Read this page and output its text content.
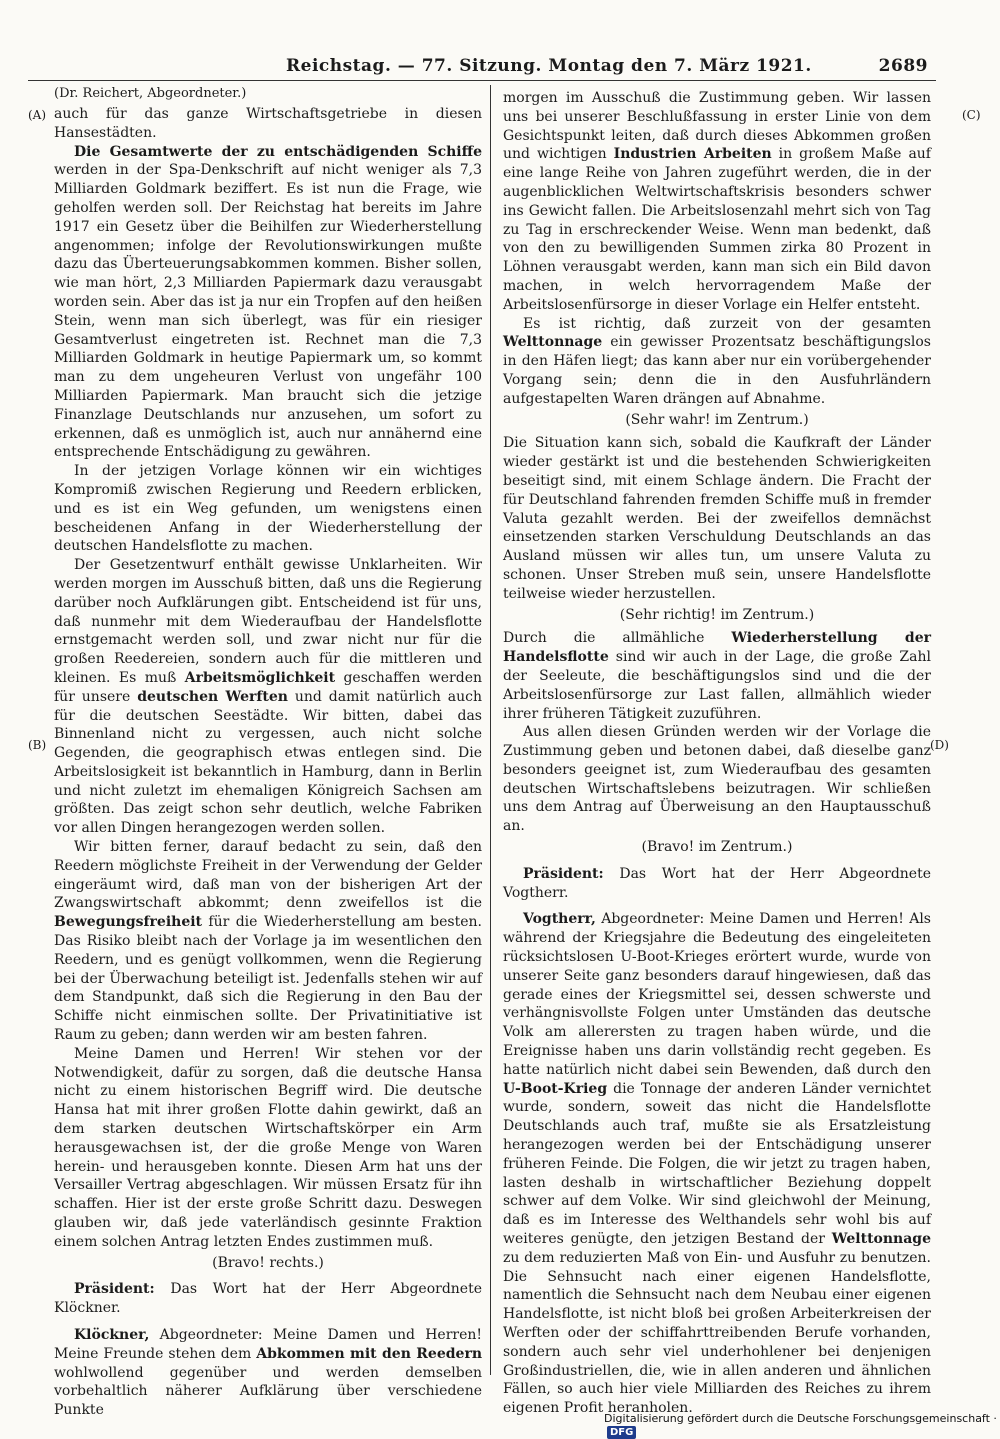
Reichstag. — 77. Sitzung. Montag den 7. März 1921.	2689
(Dr. Reichert, Abgeordneter.)
(A)
(B)
(C)
(D)

auch für das ganze Wirtschaftsgetriebe in diesen Hansestädten.

Die Gesamtwerte der zu entschädigenden Schiffe werden in der Spa-Denkschrift auf nicht weniger als 7,3 Milliarden Goldmark beziffert. Es ist nun die Frage, wie geholfen werden soll. Der Reichstag hat bereits im Jahre 1917 ein Gesetz über die Beihilfen zur Wiederherstellung angenommen; infolge der Revolutionswirkungen mußte dazu das Überteuerungsabkommen kommen. Bisher sollen, wie man hört, 2,3 Milliarden Papiermark dazu verausgabt worden sein. Aber das ist ja nur ein Tropfen auf den heißen Stein, wenn man sich überlegt, was für ein riesiger Gesamtverlust eingetreten ist. Rechnet man die 7,3 Milliarden Goldmark in heutige Papiermark um, so kommt man zu dem ungeheuren Verlust von ungefähr 100 Milliarden Papiermark. Man braucht sich die jetzige Finanzlage Deutschlands nur anzusehen, um sofort zu erkennen, daß es unmöglich ist, auch nur annähernd eine entsprechende Entschädigung zu gewähren.

In der jetzigen Vorlage können wir ein wichtiges Kompromiß zwischen Regierung und Reedern erblicken, und es ist ein Weg gefunden, um wenigstens einen bescheidenen Anfang in der Wiederherstellung der deutschen Handelsflotte zu machen.

Der Gesetzentwurf enthält gewisse Unklarheiten. Wir werden morgen im Ausschuß bitten, daß uns die Regierung darüber noch Aufklärungen gibt. Entscheidend ist für uns, daß nunmehr mit dem Wiederaufbau der Handelsflotte ernstgemacht werden soll, und zwar nicht nur für die großen Reedereien, sondern auch für die mittleren und kleinen. Es muß Arbeitsmöglichkeit geschaffen werden für unsere deutschen Werften und damit natürlich auch für die deutschen Seestädte. Wir bitten, dabei das Binnenland nicht zu vergessen, auch nicht solche Gegenden, die geographisch etwas entlegen sind. Die Arbeitslosigkeit ist bekanntlich in Hamburg, dann in Berlin und nicht zuletzt im ehemaligen Königreich Sachsen am größten. Das zeigt schon sehr deutlich, welche Fabriken vor allen Dingen herangezogen werden sollen.

Wir bitten ferner, darauf bedacht zu sein, daß den Reedern möglichste Freiheit in der Verwendung der Gelder eingeräumt wird, daß man von der bisherigen Art der Zwangswirtschaft abkommt; denn zweifellos ist die Bewegungsfreiheit für die Wiederherstellung am besten. Das Risiko bleibt nach der Vorlage ja im wesentlichen den Reedern, und es genügt vollkommen, wenn die Regierung bei der Überwachung beteiligt ist. Jedenfalls stehen wir auf dem Standpunkt, daß sich die Regierung in den Bau der Schiffe nicht einmischen sollte. Der Privatinitiative ist Raum zu geben; dann werden wir am besten fahren.

Meine Damen und Herren! Wir stehen vor der Notwendigkeit, dafür zu sorgen, daß die deutsche Hansa nicht zu einem historischen Begriff wird. Die deutsche Hansa hat mit ihrer großen Flotte dahin gewirkt, daß an dem starken deutschen Wirtschaftskörper ein Arm herausgewachsen ist, der die große Menge von Waren herein- und herausgeben konnte. Diesen Arm hat uns der Versailler Vertrag abgeschlagen. Wir müssen Ersatz für ihn schaffen. Hier ist der erste große Schritt dazu. Deswegen glauben wir, daß jede vaterländisch gesinnte Fraktion einem solchen Antrag letzten Endes zustimmen muß.

(Bravo! rechts.)

Präsident: Das Wort hat der Herr Abgeordnete Klöckner.

Klöckner, Abgeordneter: Meine Damen und Herren! Meine Freunde stehen dem Abkommen mit den Reedern wohlwollend gegenüber und werden demselben vorbehaltlich näherer Aufklärung über verschiedene Punkte

morgen im Ausschuß die Zustimmung geben. Wir lassen uns bei unserer Beschlußfassung in erster Linie von dem Gesichtspunkt leiten, daß durch dieses Abkommen großen und wichtigen Industrien Arbeiten in großem Maße auf eine lange Reihe von Jahren zugeführt werden, die in der augenblicklichen Weltwirtschaftskrisis besonders schwer ins Gewicht fallen. Die Arbeitslosenzahl mehrt sich von Tag zu Tag in erschreckender Weise. Wenn man bedenkt, daß von den zu bewilligenden Summen zirka 80 Prozent in Löhnen verausgabt werden, kann man sich ein Bild davon machen, in welch hervorragendem Maße der Arbeitslosenfürsorge in dieser Vorlage ein Helfer entsteht.

Es ist richtig, daß zurzeit von der gesamten Welttonnage ein gewisser Prozentsatz beschäftigungslos in den Häfen liegt; das kann aber nur ein vorübergehender Vorgang sein; denn die in den Ausfuhrländern aufgestapelten Waren drängen auf Abnahme.

(Sehr wahr! im Zentrum.)

Die Situation kann sich, sobald die Kaufkraft der Länder wieder gestärkt ist und die bestehenden Schwierigkeiten beseitigt sind, mit einem Schlage ändern. Die Fracht der für Deutschland fahrenden fremden Schiffe muß in fremder Valuta gezahlt werden. Bei der zweifellos demnächst einsetzenden starken Verschuldung Deutschlands an das Ausland müssen wir alles tun, um unsere Valuta zu schonen. Unser Streben muß sein, unsere Handelsflotte teilweise wieder herzustellen.

(Sehr richtig! im Zentrum.)

Durch die allmähliche Wiederherstellung der Handelsflotte sind wir auch in der Lage, die große Zahl der Seeleute, die beschäftigungslos sind und die der Arbeitslosenfürsorge zur Last fallen, allmählich wieder ihrer früheren Tätigkeit zuzuführen.

Aus allen diesen Gründen werden wir der Vorlage die Zustimmung geben und betonen dabei, daß dieselbe ganz besonders geeignet ist, zum Wiederaufbau des gesamten deutschen Wirtschaftslebens beizutragen. Wir schließen uns dem Antrag auf Überweisung an den Hauptausschuß an.

(Bravo! im Zentrum.)

Präsident: Das Wort hat der Herr Abgeordnete Vogtherr.

Vogtherr, Abgeordneter: Meine Damen und Herren! Als während der Kriegsjahre die Bedeutung des eingeleiteten rücksichtslosen U-Boot-Krieges erörtert wurde, wurde von unserer Seite ganz besonders darauf hingewiesen, daß das gerade eines der Kriegsmittel sei, dessen schwerste und verhängnisvollste Folgen unter Umständen das deutsche Volk am allerersten zu tragen haben würde, und die Ereignisse haben uns darin vollständig recht gegeben. Es hatte natürlich nicht dabei sein Bewenden, daß durch den U-Boot-Krieg die Tonnage der anderen Länder vernichtet wurde, sondern, soweit das nicht die Handelsflotte Deutschlands auch traf, mußte sie als Ersatzleistung herangezogen werden bei der Entschädigung unserer früheren Feinde. Die Folgen, die wir jetzt zu tragen haben, lasten deshalb in wirtschaftlicher Beziehung doppelt schwer auf dem Volke. Wir sind gleichwohl der Meinung, daß es im Interesse des Welthandels sehr wohl bis auf weiteres genügte, den jetzigen Bestand der Welttonnage zu dem reduzierten Maß von Ein- und Ausfuhr zu benutzen. Die Sehnsucht nach einer eigenen Handelsflotte, namentlich die Sehnsucht nach dem Neubau einer eigenen Handelsflotte, ist nicht bloß bei großen Arbeiterkreisen der Werften oder der schiffahrttreibenden Berufe vorhanden, sondern auch sehr viel underhohlener bei denjenigen Großindustriellen, die, wie in allen anderen und ähnlichen Fällen, so auch hier viele Milliarden des Reiches zu ihrem eigenen Profit heranholen.

Digitalisierung gefördert durch die Deutsche Forschungsgemeinschaft · DFG
